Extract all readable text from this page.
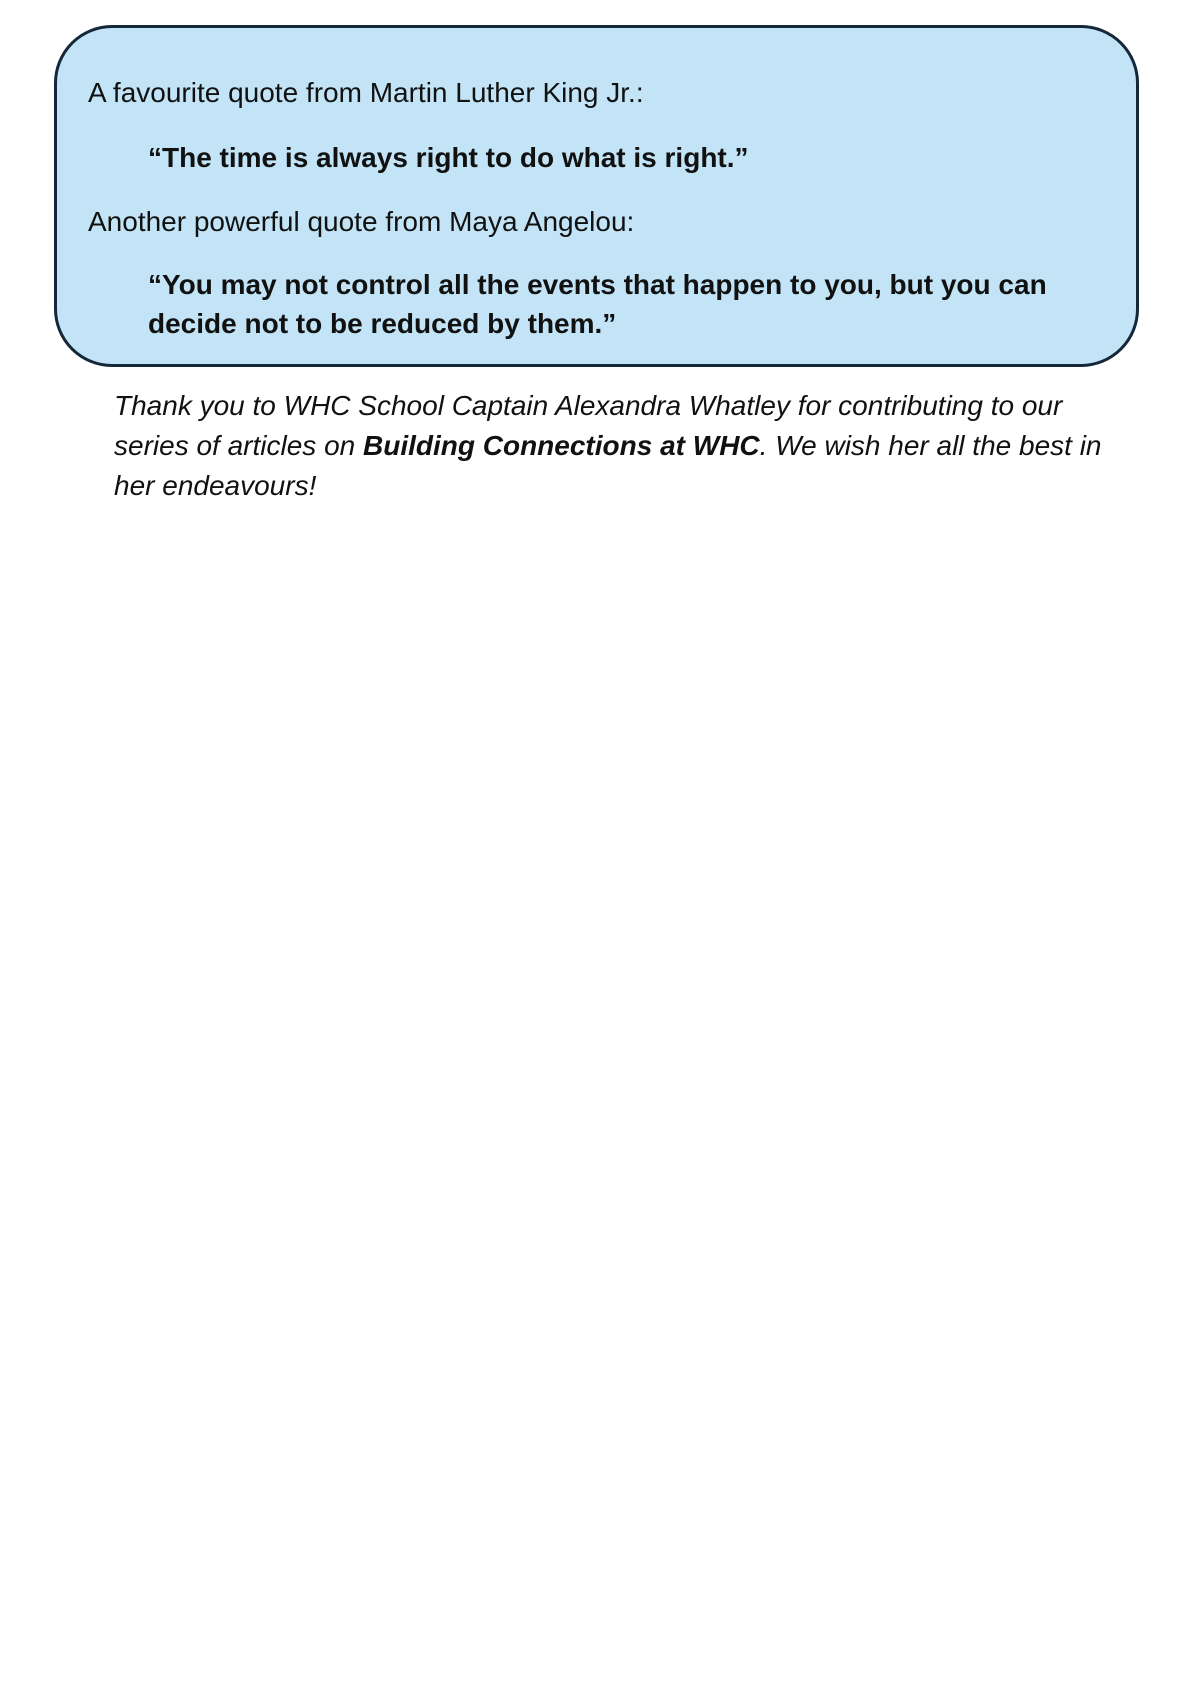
A favourite quote from Martin Luther King Jr.:

“The time is always right to do what is right.”

Another powerful quote from Maya Angelou:

“You may not control all the events that happen to you, but you can decide not to be reduced by them.”

Thank you to WHC School Captain Alexandra Whatley for contributing to our series of articles on Building Connections at WHC. We wish her all the best in her endeavours!
